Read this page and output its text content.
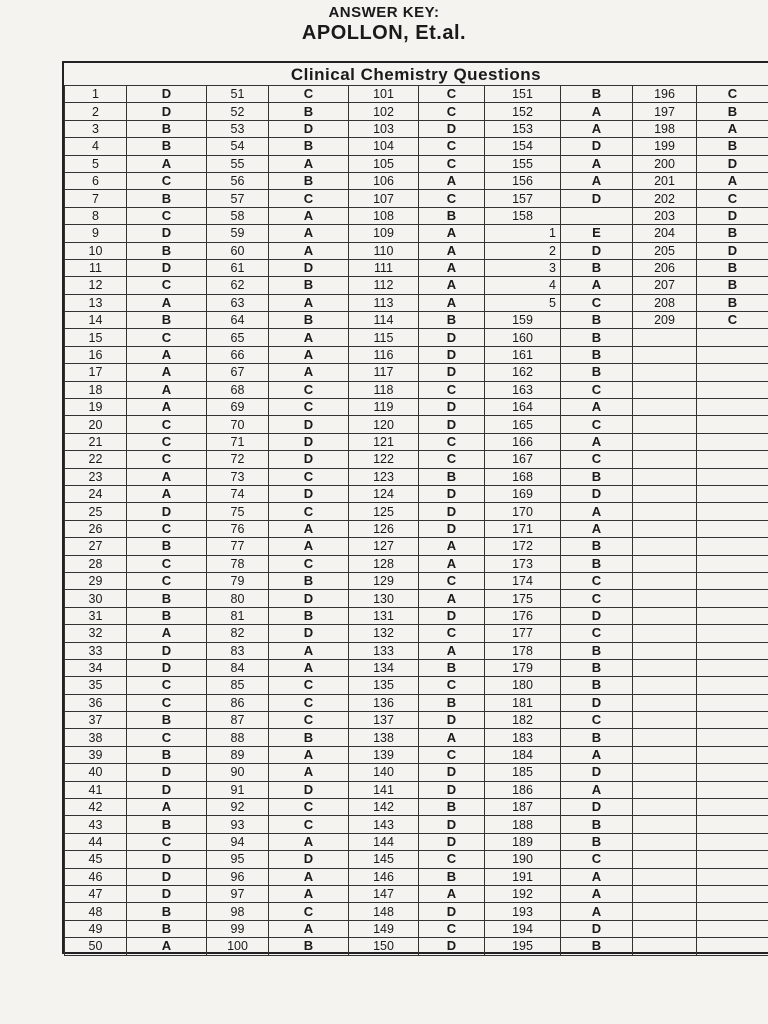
ANSWER KEY:
APOLLON, Et.al.
Clinical Chemistry Questions
1	D	51	C	101	C	151	B	196	C
2	D	52	B	102	C	152	A	197	B
3	B	53	D	103	D	153	A	198	A
4	B	54	B	104	C	154	D	199	B
5	A	55	A	105	C	155	A	200	D
6	C	56	B	106	A	156	A	201	A
7	B	57	C	107	C	157	D	202	C
8	C	58	A	108	B	158		203	D
9	D	59	A	109	A	1	E	204	B
10	B	60	A	110	A	2	D	205	D
11	D	61	D	111	A	3	B	206	B
12	C	62	B	112	A	4	A	207	B
13	A	63	A	113	A	5	C	208	B
14	B	64	B	114	B	159	B	209	C
15	C	65	A	115	D	160	B		
16	A	66	A	116	D	161	B		
17	A	67	A	117	D	162	B		
18	A	68	C	118	C	163	C		
19	A	69	C	119	D	164	A		
20	C	70	D	120	D	165	C		
21	C	71	D	121	C	166	A		
22	C	72	D	122	C	167	C		
23	A	73	C	123	B	168	B		
24	A	74	D	124	D	169	D		
25	D	75	C	125	D	170	A		
26	C	76	A	126	D	171	A		
27	B	77	A	127	A	172	B		
28	C	78	C	128	A	173	B		
29	C	79	B	129	C	174	C		
30	B	80	D	130	A	175	C		
31	B	81	B	131	D	176	D		
32	A	82	D	132	C	177	C		
33	D	83	A	133	A	178	B		
34	D	84	A	134	B	179	B		
35	C	85	C	135	C	180	B		
36	C	86	C	136	B	181	D		
37	B	87	C	137	D	182	C		
38	C	88	B	138	A	183	B		
39	B	89	A	139	C	184	A		
40	D	90	A	140	D	185	D		
41	D	91	D	141	D	186	A		
42	A	92	C	142	B	187	D		
43	B	93	C	143	D	188	B		
44	C	94	A	144	D	189	B		
45	D	95	D	145	C	190	C		
46	D	96	A	146	B	191	A		
47	D	97	A	147	A	192	A		
48	B	98	C	148	D	193	A		
49	B	99	A	149	C	194	D		
50	A	100	B	150	D	195	B		
